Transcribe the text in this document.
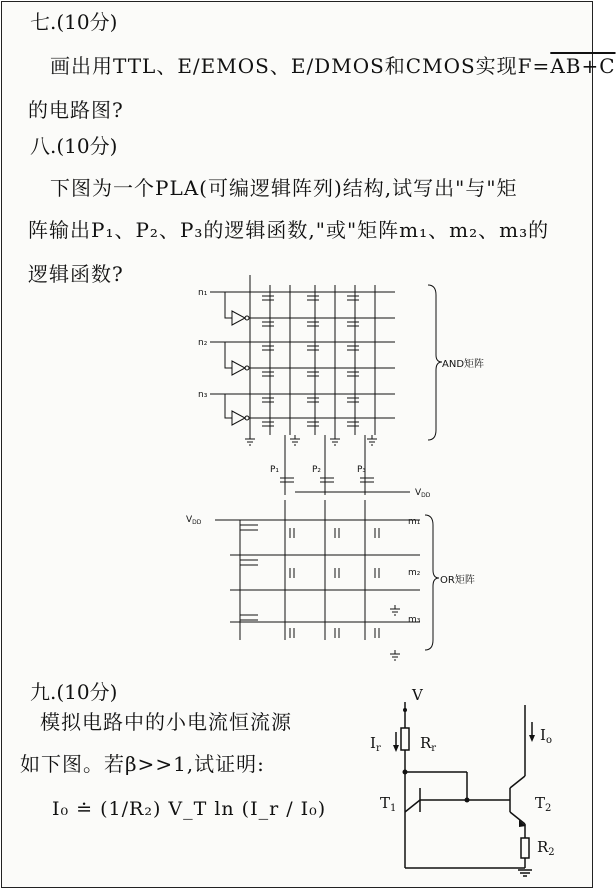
七.(10分)
画出用TTL、E/EMOS、E/DMOS和CMOS实现F=AB+C
的电路图?
八.(10分)
下图为一个PLA(可编逻辑阵列)结构,试写出"与"矩
阵输出P₁、P₂、P₃的逻辑函数,"或"矩阵m₁、m₂、m₃的
逻辑函数?
n₁
n₂
n₃
P₁	P₂	P₃
$V_{DD}$
$V_{DD}$	m₁
m₂
m₃
AND矩阵
OR矩阵
九.(10分)
模拟电路中的小电流恒流源
如下图。若β>>1,试证明:
I₀ ≐ (1/R₂) V_T ln (I_r / I₀)
V
$I_r$	$R_r$
$I_o$
$T_1$	$T_2$
$R_2$
